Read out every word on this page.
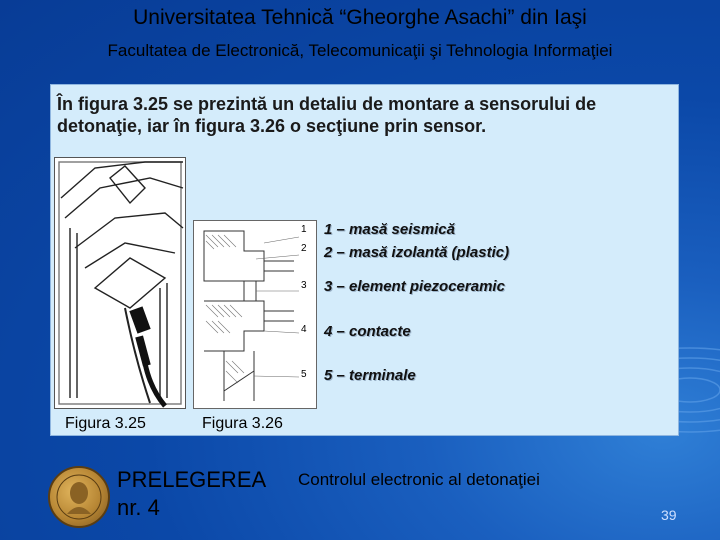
Universitatea Tehnică “Gheorghe Asachi” din Iaşi
Facultatea de Electronică, Telecomunicaţii şi Tehnologia Informaţiei
În figura 3.25 se prezintă un detaliu de montare a sensorului de detonaţie, iar în figura 3.26 o secţiune prin sensor.
1
2
3
4
5
1 – masă seismică
2 – masă izolantă (plastic)
3 – element piezoceramic
4 – contacte
5 – terminale
Figura 3.25	Figura 3.26
PRELEGEREA
nr. 4
Controlul electronic al detonaţiei
39
